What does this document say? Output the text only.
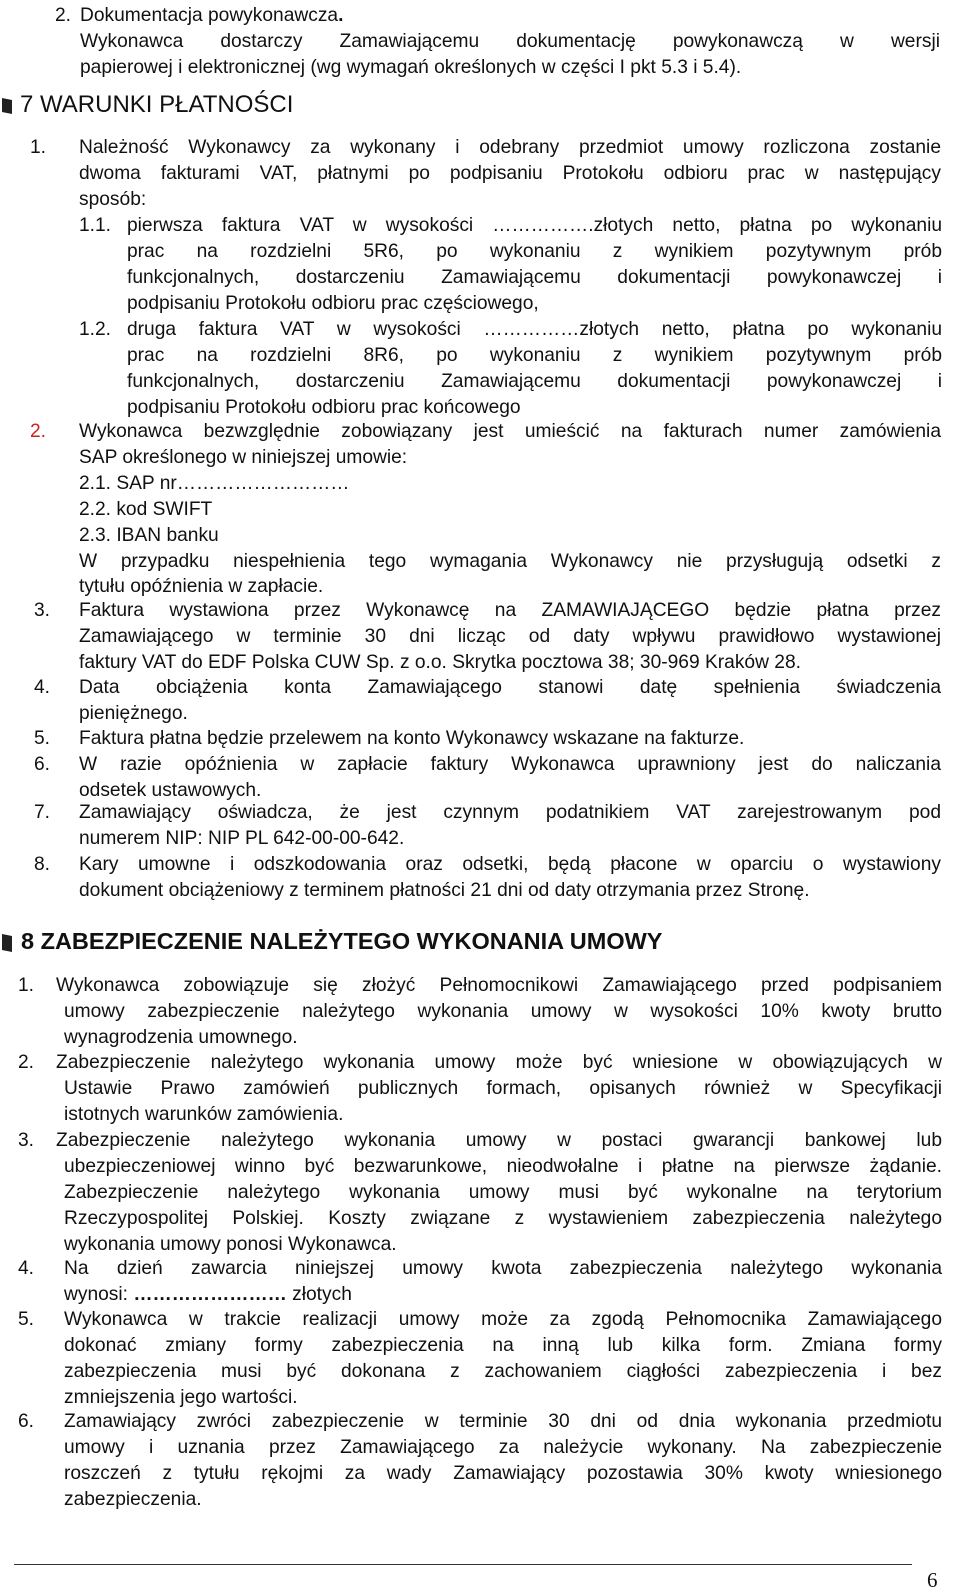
2. Dokumentacja powykonawcza.
Wykonawca dostarczy Zamawiającemu dokumentację powykonawczą w wersji
papierowej i elektronicznej (wg wymagań określonych w części I pkt 5.3 i 5.4).
7 WARUNKI PŁATNOŚCI
1. Należność Wykonawcy za wykonany i odebrany przedmiot umowy rozliczona zostanie
dwoma fakturami VAT, płatnymi po podpisaniu Protokołu odbioru prac w następujący
sposób:
1.1. pierwsza faktura VAT w wysokości …………….złotych netto, płatna po wykonaniu
prac na rozdzielni 5R6, po wykonaniu z wynikiem pozytywnym prób
funkcjonalnych, dostarczeniu Zamawiającemu dokumentacji powykonawczej i
podpisaniu Protokołu odbioru prac częściowego,
1.2. druga faktura VAT w wysokości ……………złotych netto, płatna po wykonaniu
prac na rozdzielni 8R6, po wykonaniu z wynikiem pozytywnym prób
funkcjonalnych, dostarczeniu Zamawiającemu dokumentacji powykonawczej i
podpisaniu Protokołu odbioru prac końcowego
2. Wykonawca bezwzględnie zobowiązany jest umieścić na fakturach numer zamówienia
SAP określonego w niniejszej umowie:
2.1. SAP nr………………………
2.2. kod SWIFT
2.3. IBAN banku
W przypadku niespełnienia tego wymagania Wykonawcy nie przysługują odsetki z
tytułu opóźnienia w zapłacie.
3. Faktura wystawiona przez Wykonawcę na ZAMAWIAJĄCEGO będzie płatna przez
Zamawiającego w terminie 30 dni licząc od daty wpływu prawidłowo wystawionej
faktury VAT do EDF Polska CUW Sp. z o.o. Skrytka pocztowa 38; 30-969 Kraków 28.
4. Data obciążenia konta Zamawiającego stanowi datę spełnienia świadczenia
pieniężnego.
5. Faktura płatna będzie przelewem na konto Wykonawcy wskazane na fakturze.
6. W razie opóźnienia w zapłacie faktury Wykonawca uprawniony jest do naliczania
odsetek ustawowych.
7. Zamawiający oświadcza, że jest czynnym podatnikiem VAT zarejestrowanym pod
numerem NIP: NIP PL 642-00-00-642.
8. Kary umowne i odszkodowania oraz odsetki, będą płacone w oparciu o wystawiony
dokument obciążeniowy z terminem płatności 21 dni od daty otrzymania przez Stronę.
8 ZABEZPIECZENIE NALEŻYTEGO WYKONANIA UMOWY
1. Wykonawca zobowiązuje się złożyć Pełnomocnikowi Zamawiającego przed podpisaniem
umowy zabezpieczenie należytego wykonania umowy w wysokości 10% kwoty brutto
wynagrodzenia umownego.
2. Zabezpieczenie należytego wykonania umowy może być wniesione w obowiązujących w
Ustawie Prawo zamówień publicznych formach, opisanych również w Specyfikacji
istotnych warunków zamówienia.
3. Zabezpieczenie należytego wykonania umowy w postaci gwarancji bankowej lub
ubezpieczeniowej winno być bezwarunkowe, nieodwołalne i płatne na pierwsze żądanie.
Zabezpieczenie należytego wykonania umowy musi być wykonalne na terytorium
Rzeczypospolitej Polskiej. Koszty związane z wystawieniem zabezpieczenia należytego
wykonania umowy ponosi Wykonawca.
4. Na dzień zawarcia niniejszej umowy kwota zabezpieczenia należytego wykonania
wynosi: …………………… złotych
5. Wykonawca w trakcie realizacji umowy może za zgodą Pełnomocnika Zamawiającego
dokonać zmiany formy zabezpieczenia na inną lub kilka form. Zmiana formy
zabezpieczenia musi być dokonana z zachowaniem ciągłości zabezpieczenia i bez
zmniejszenia jego wartości.
6. Zamawiający zwróci zabezpieczenie w terminie 30 dni od dnia wykonania przedmiotu
umowy i uznania przez Zamawiającego za należycie wykonany. Na zabezpieczenie
roszczeń z tytułu rękojmi za wady Zamawiający pozostawia 30% kwoty wniesionego
zabezpieczenia.
6
